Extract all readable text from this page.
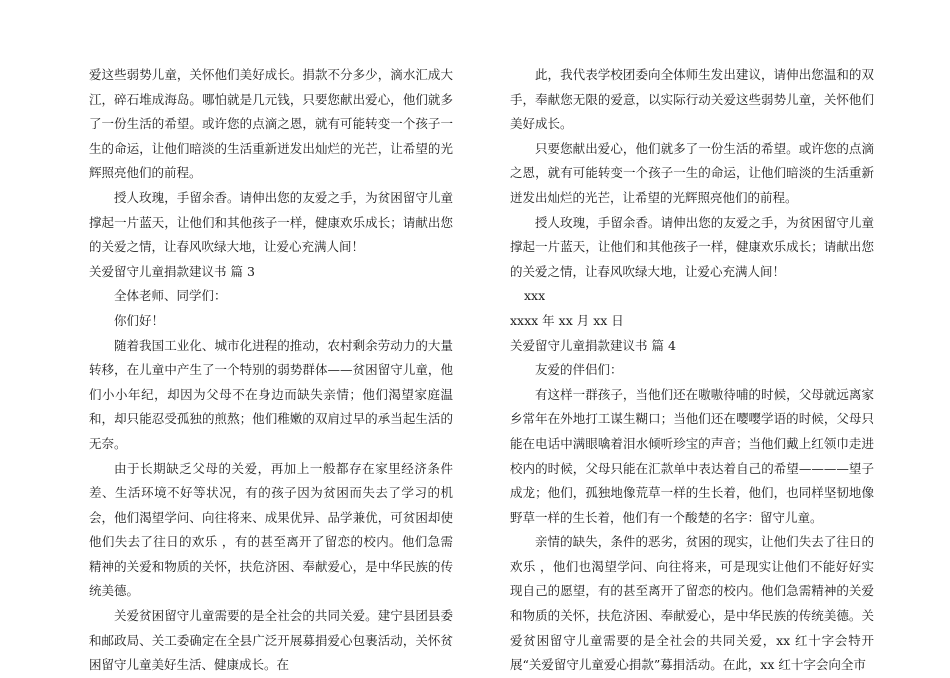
爱这些弱势儿童，关怀他们美好成长。捐款不分多少，滴水汇成大江，碎石堆成海岛。哪怕就是几元钱，只要您献出爱心，他们就多了一份生活的希望。或许您的点滴之恩，就有可能转变一个孩子一生的命运，让他们暗淡的生活重新迸发出灿烂的光芒，让希望的光辉照亮他们的前程。

授人玫瑰，手留余香。请伸出您的友爱之手，为贫困留守儿童撑起一片蓝天，让他们和其他孩子一样，健康欢乐成长；请献出您的关爱之情，让春风吹绿大地，让爱心充满人间！

关爱留守儿童捐款建议书 篇 3

全体老师、同学们：

你们好！

随着我国工业化、城市化进程的推动，农村剩余劳动力的大量转移，在儿童中产生了一个特别的弱势群体——贫困留守儿童，他们小小年纪，却因为父母不在身边而缺失亲情；他们渴望家庭温和，却只能忍受孤独的煎熬；他们稚嫩的双肩过早的承当起生活的无奈。

由于长期缺乏父母的关爱，再加上一般都存在家里经济条件差、生活环境不好等状况，有的孩子因为贫困而失去了学习的机会，他们渴望学问、向往将来、成果优异、品学兼优，可贫困却使他们失去了往日的欢乐 ，有的甚至离开了留恋的校内。他们急需精神的关爱和物质的关怀，扶危济困、奉献爱心，是中华民族的传统美德。

关爱贫困留守儿童需要的是全社会的共同关爱。建宁县团县委和邮政局、关工委确定在全县广泛开展募捐爱心包裹活动，关怀贫困留守儿童美好生活、健康成长。在

此，我代表学校团委向全体师生发出建议，请伸出您温和的双手，奉献您无限的爱意，以实际行动关爱这些弱势儿童，关怀他们美好成长。

只要您献出爱心，他们就多了一份生活的希望。或许您的点滴之恩，就有可能转变一个孩子一生的命运，让他们暗淡的生活重新迸发出灿烂的光芒，让希望的光辉照亮他们的前程。

授人玫瑰，手留余香。请伸出您的友爱之手，为贫困留守儿童撑起一片蓝天，让他们和其他孩子一样，健康欢乐成长；请献出您的关爱之情，让春风吹绿大地，让爱心充满人间！

xxx

xxxx 年 xx 月 xx 日

关爱留守儿童捐款建议书 篇 4

友爱的伴侣们：

有这样一群孩子，当他们还在嗷嗷待哺的时候，父母就远离家乡常年在外地打工谋生糊口；当他们还在嘤嘤学语的时候，父母只能在电话中满眼噙着泪水倾听珍宝的声音；当他们戴上红领巾走进校内的时候，父母只能在汇款单中表达着自己的希望————望子成龙；他们，孤独地像荒草一样的生长着，他们，也同样坚韧地像野草一样的生长着，他们有一个酸楚的名字：留守儿童。

亲情的缺失，条件的恶劣，贫困的现实，让他们失去了往日的欢乐 ，他们也渴望学问、向往将来，可是现实让他们不能好好实现自己的愿望，有的甚至离开了留恋的校内。他们急需精神的关爱和物质的关怀，扶危济困、奉献爱心，是中华民族的传统美德。关爱贫困留守儿童需要的是全社会的共同关爱，xx 红十字会特开展“关爱留守儿童爱心捐款”募捐活动。在此，xx 红十字会向全市
